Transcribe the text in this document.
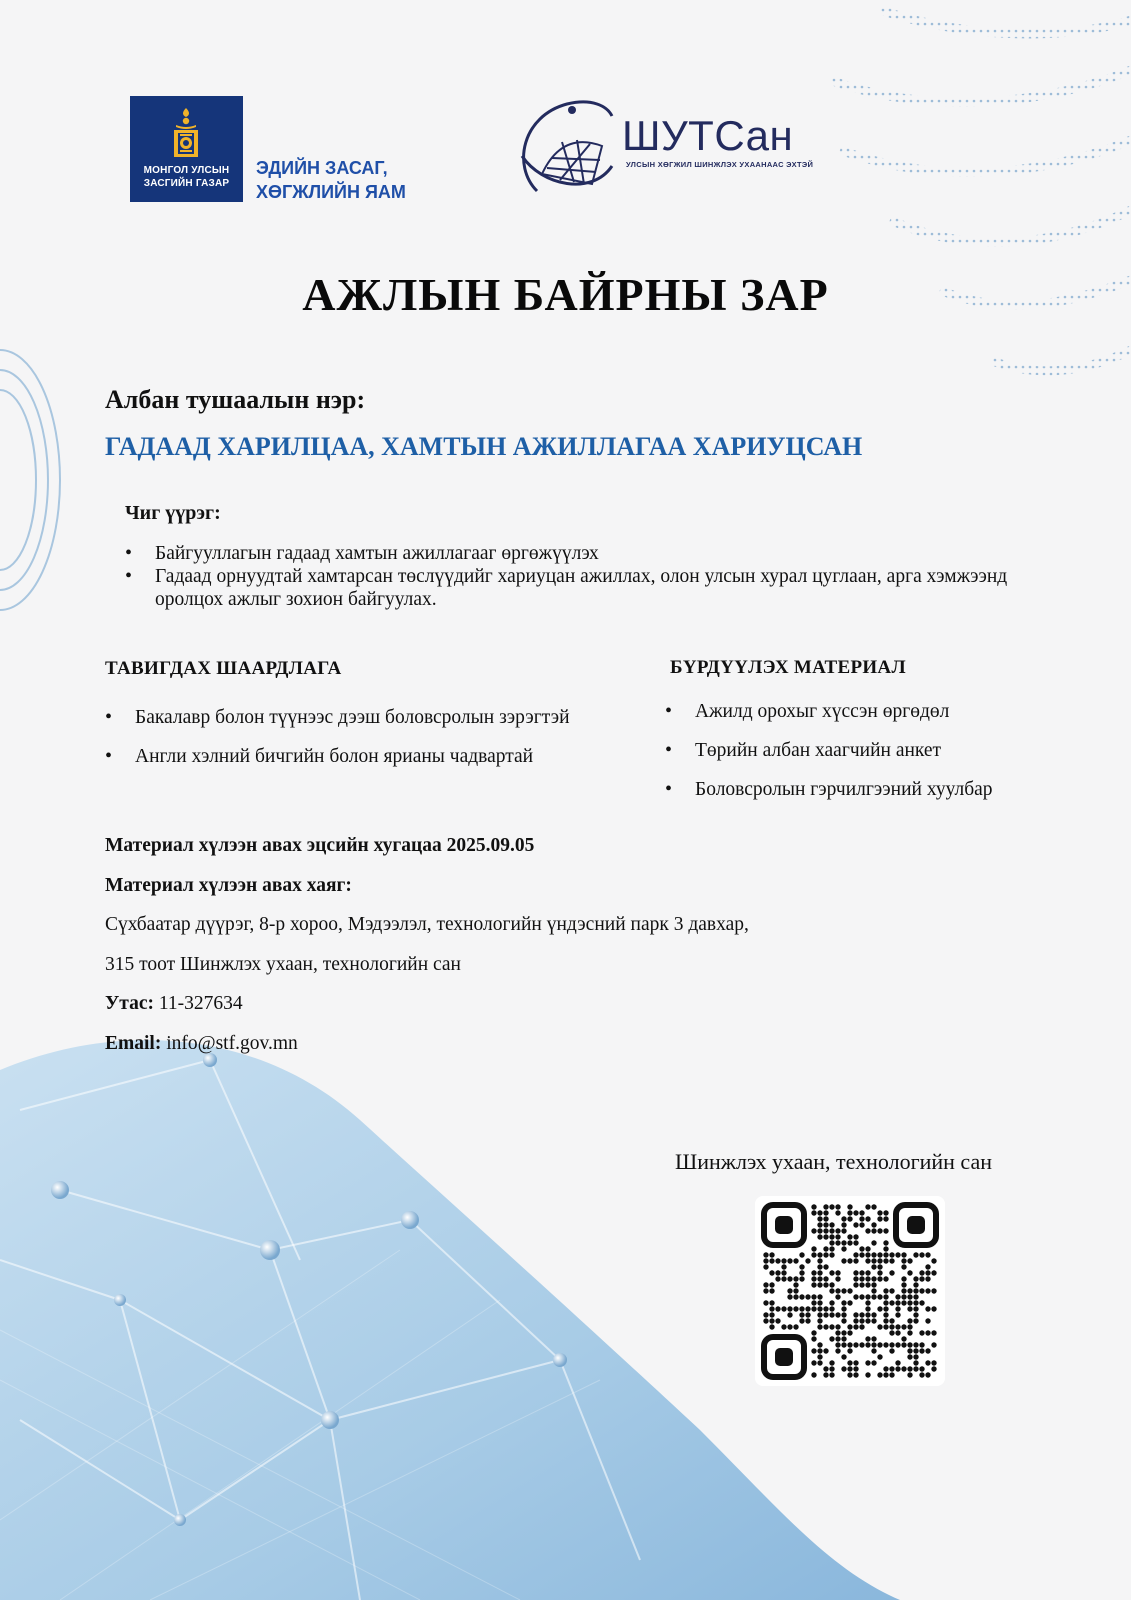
МОНГОЛ УЛСЫН ЗАСГИЙН ГАЗАР
ЭДИЙН ЗАСАГ,
ХӨГЖЛИЙН ЯАМ
ШУТСан
УЛСЫН ХӨГЖИЛ ШИНЖЛЭХ УХААНААС ЭХТЭЙ
АЖЛЫН БАЙРНЫ ЗАР
Албан тушаалын нэр:
ГАДААД ХАРИЛЦАА, ХАМТЫН АЖИЛЛАГАА ХАРИУЦСАН
Чиг үүрэг:
• Байгууллагын гадаад хамтын ажиллагааг өргөжүүлэх
• Гадаад орнуудтай хамтарсан төслүүдийг хариуцан ажиллах, олон улсын хурал цуглаан, арга хэмжээнд оролцох ажлыг зохион байгуулах.
ТАВИГДАХ ШААРДЛАГА
• Бакалавр болон түүнээс дээш боловсролын зэрэгтэй
• Англи хэлний бичгийн болон ярианы чадвартай
БҮРДҮҮЛЭХ МАТЕРИАЛ
• Ажилд орохыг хүссэн өргөдөл
• Төрийн албан хаагчийн анкет
• Боловсролын гэрчилгээний хуулбар
Материал хүлээн авах эцсийн хугацаа 2025.09.05
Материал хүлээн авах хаяг:
Сүхбаатар дүүрэг, 8-р хороо, Мэдээлэл, технологийн үндэсний парк 3 давхар,
315 тоот Шинжлэх ухаан, технологийн сан
Утас: 11-327634
Email: info@stf.gov.mn
Шинжлэх ухаан, технологийн сан
